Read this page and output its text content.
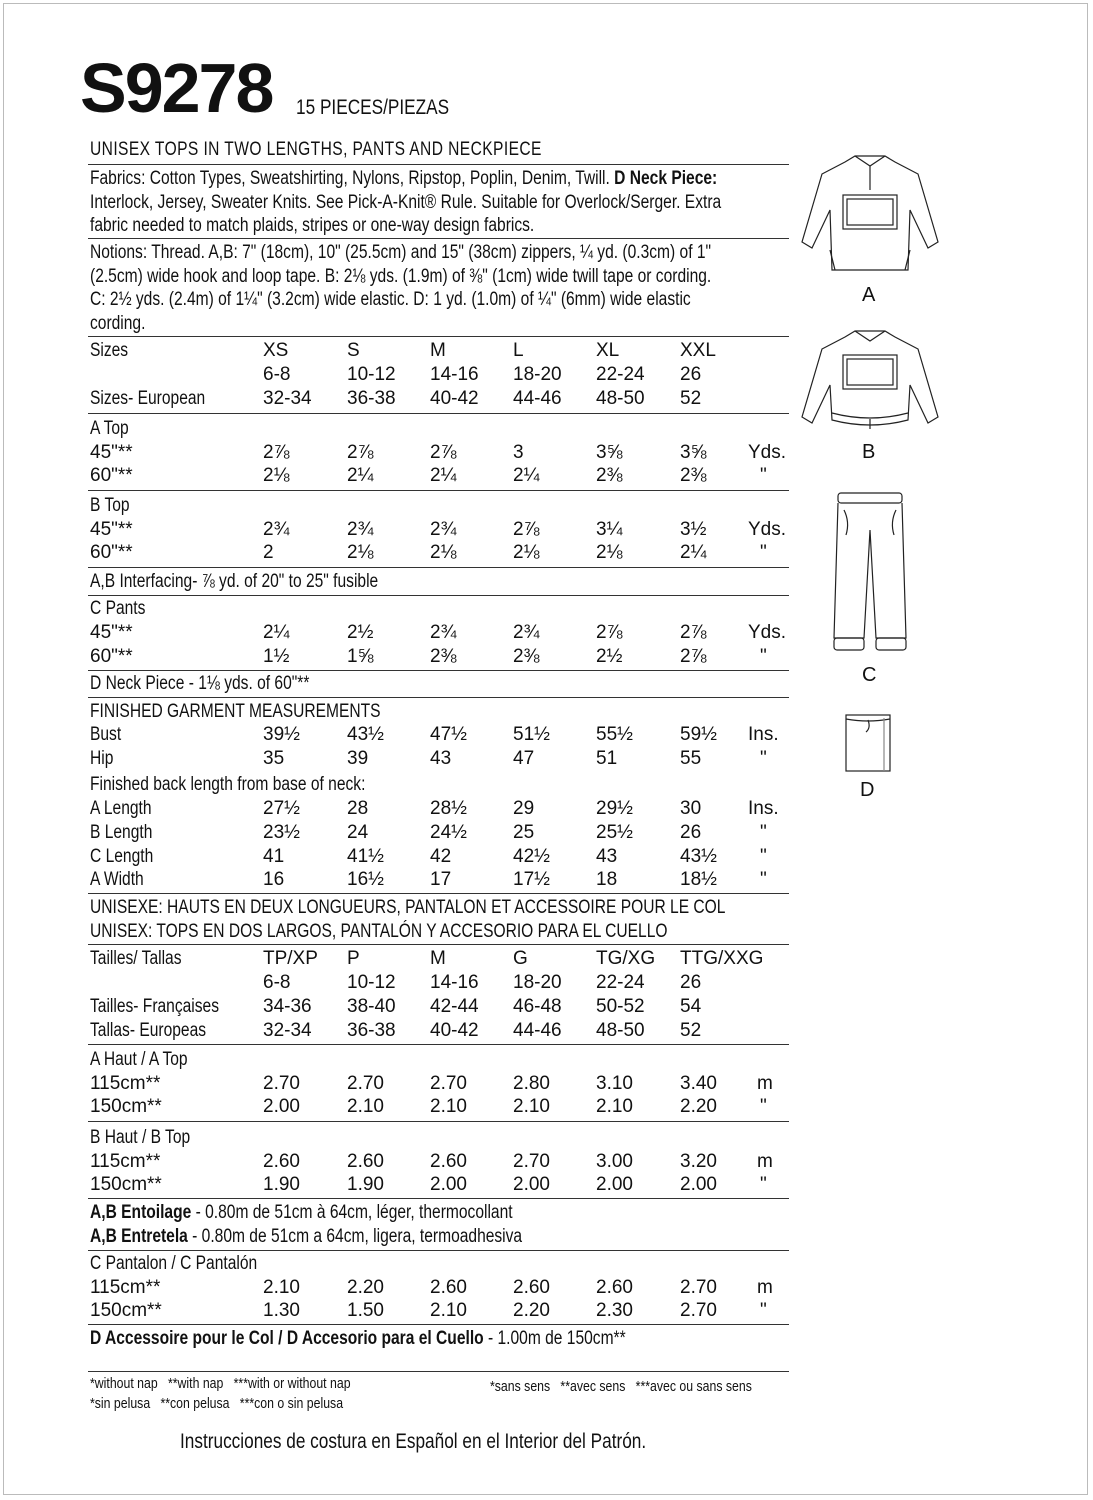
S9278 15 PIECES/PIEZAS
UNISEX TOPS IN TWO LENGTHS, PANTS AND NECKPIECE
Fabrics: Cotton Types, Sweatshirting, Nylons, Ripstop, Poplin, Denim, Twill. D Neck Piece:
Interlock, Jersey, Sweater Knits. See Pick-A-Knit® Rule. Suitable for Overlock/Serger. Extra
fabric needed to match plaids, stripes or one-way design fabrics.
Notions: Thread. A,B: 7" (18cm), 10" (25.5cm) and 15" (38cm) zippers, ¼ yd. (0.3cm) of 1"
(2.5cm) wide hook and loop tape. B: 2⅛ yds. (1.9m) of ⅜" (1cm) wide twill tape or cording.
C: 2½ yds. (2.4m) of 1¼" (3.2cm) wide elastic. D: 1 yd. (1.0m) of ¼" (6mm) wide elastic
cording.
Sizes	XS	S	M	L	XL	XXL
6-8	10-12 14-16 18-20 22-24 26
Sizes- European	32-34 36-38 40-42 44-46 48-50 52
A Top
45"**	2⅞	2⅞	2⅞	3	3⅝	3⅝ Yds.
60"**	2⅛	2¼	2¼	2¼	2⅜	2⅜	"
B Top
45"**	2¾	2¾	2¾	2⅞	3¼	3½ Yds.
60"**	2	2⅛	2⅛	2⅛	2⅛	2¼	"
A,B Interfacing- ⅞ yd. of 20" to 25" fusible
C Pants
45"**	2¼	2½	2¾	2¾	2⅞	2⅞ Yds.
60"**	1½	1⅝	2⅜	2⅜	2½	2⅞	"
D Neck Piece - 1⅛ yds. of 60"**
FINISHED GARMENT MEASUREMENTS
Bust	39½ 43½ 47½ 51½ 55½ 59½ Ins.
Hip	35	39	43	47	51	55	"
Finished back length from base of neck:
A Length	27½ 28	28½ 29	29½ 30 Ins.
B Length	23½ 24	24½ 25	25½ 26	"
C Length	41	41½ 42	42½ 43	43½ "
A Width	16	16½ 17	17½ 18	18½ "
UNISEXE: HAUTS EN DEUX LONGUEURS, PANTALON ET ACCESSOIRE POUR LE COL
UNISEX: TOPS EN DOS LARGOS, PANTALÓN Y ACCESORIO PARA EL CUELLO
Tailles/ Tallas	TP/XP P	M	G	TG/XG TTG/XXG
6-8	10-12 14-16 18-20 22-24 26
Tailles- Françaises	34-36 38-40 42-44 46-48 50-52 54
Tallas- Europeas	32-34 36-38 40-42 44-46 48-50 52
A Haut / A Top
115cm**	2.70 2.70 2.70 2.80 3.10 3.40 m
150cm**	2.00 2.10 2.10 2.10 2.10 2.20 "
B Haut / B Top
115cm**	2.60 2.60 2.60 2.70 3.00 3.20 m
150cm**	1.90 1.90 2.00 2.00 2.00 2.00 "
A,B Entoilage - 0.80m de 51cm à 64cm, léger, thermocollant
A,B Entretela - 0.80m de 51cm a 64cm, ligera, termoadhesiva
C Pantalon / C Pantalón
115cm**	2.10 2.20 2.60 2.60 2.60 2.70 m
150cm**	1.30 1.50 2.10 2.20 2.30 2.70 "
D Accessoire pour le Col / D Accesorio para el Cuello - 1.00m de 150cm**
*without nap **with nap ***with or without nap
*sin pelusa **con pelusa ***con o sin pelusa
*sans sens **avec sens ***avec ou sans sens
Instrucciones de costura en Español en el Interior del Patrón.
A
B
C
D
